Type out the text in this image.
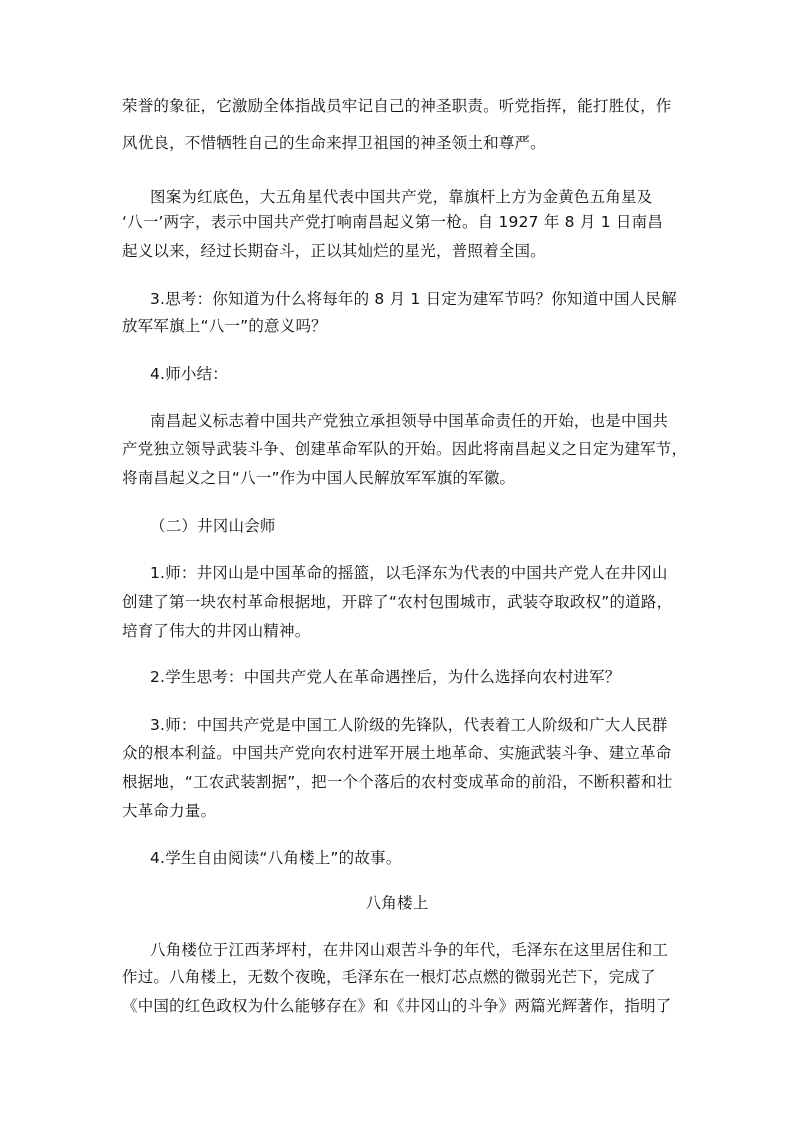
荣誉的象征，它激励全体指战员牢记自己的神圣职责。听党指挥，能打胜仗，作
风优良，不惜牺牲自己的生命来捍卫祖国的神圣领土和尊严。
图案为红底色，大五角星代表中国共产党，靠旗杆上方为金黄色五角星及
‘八一’两字，表示中国共产党打响南昌起义第一枪。自 1927 年 8 月 1 日南昌
起义以来，经过长期奋斗，正以其灿烂的星光，普照着全国。
3.思考：你知道为什么将每年的 8 月 1 日定为建军节吗？你知道中国人民解
放军军旗上“八一”的意义吗？
4.师小结：
南昌起义标志着中国共产党独立承担领导中国革命责任的开始，也是中国共
产党独立领导武装斗争、创建革命军队的开始。因此将南昌起义之日定为建军节，
将南昌起义之日“八一”作为中国人民解放军军旗的军徽。
（二）井冈山会师
1.师：井冈山是中国革命的摇篮，以毛泽东为代表的中国共产党人在井冈山
创建了第一块农村革命根据地，开辟了“农村包围城市，武装夺取政权”的道路，
培育了伟大的井冈山精神。
2.学生思考：中国共产党人在革命遇挫后，为什么选择向农村进军？
3.师：中国共产党是中国工人阶级的先锋队，代表着工人阶级和广大人民群
众的根本利益。中国共产党向农村进军开展土地革命、实施武装斗争、建立革命
根据地，“工农武装割据”，把一个个落后的农村变成革命的前沿，不断积蓄和壮
大革命力量。
4.学生自由阅读“八角楼上”的故事。
八角楼上
八角楼位于江西茅坪村，在井冈山艰苦斗争的年代，毛泽东在这里居住和工
作过。八角楼上，无数个夜晚，毛泽东在一根灯芯点燃的微弱光芒下，完成了
《中国的红色政权为什么能够存在》和《井冈山的斗争》两篇光辉著作，指明了
